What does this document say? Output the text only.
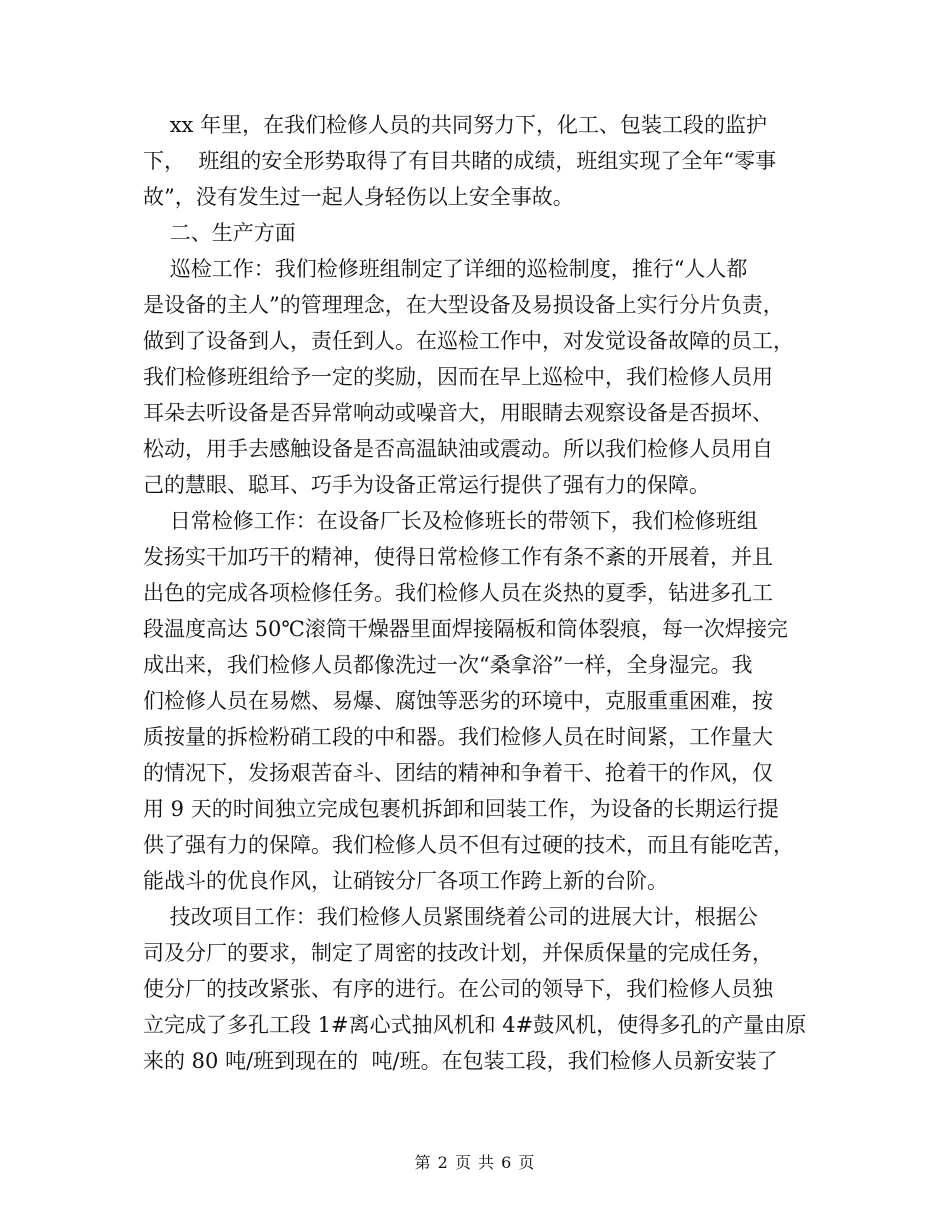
xx 年里，在我们检修人员的共同努力下，化工、包装工段的监护
下，  班组的安全形势取得了有目共睹的成绩，班组实现了全年“零事
故”，没有发生过一起人身轻伤以上安全事故。
二、生产方面
巡检工作：我们检修班组制定了详细的巡检制度，推行“人人都
是设备的主人”的管理理念，在大型设备及易损设备上实行分片负责，
做到了设备到人，责任到人。在巡检工作中，对发觉设备故障的员工，
我们检修班组给予一定的奖励，因而在早上巡检中，我们检修人员用
耳朵去听设备是否异常响动或噪音大，用眼睛去观察设备是否损坏、
松动，用手去感触设备是否高温缺油或震动。所以我们检修人员用自
己的慧眼、聪耳、巧手为设备正常运行提供了强有力的保障。
日常检修工作：在设备厂长及检修班长的带领下，我们检修班组
发扬实干加巧干的精神，使得日常检修工作有条不紊的开展着，并且
出色的完成各项检修任务。我们检修人员在炎热的夏季，钻进多孔工
段温度高达 50℃滚筒干燥器里面焊接隔板和筒体裂痕，每一次焊接完
成出来，我们检修人员都像洗过一次“桑拿浴”一样，全身湿完。我
们检修人员在易燃、易爆、腐蚀等恶劣的环境中，克服重重困难，按
质按量的拆检粉硝工段的中和器。我们检修人员在时间紧，工作量大
的情况下，发扬艰苦奋斗、团结的精神和争着干、抢着干的作风，仅
用 9 天的时间独立完成包裹机拆卸和回装工作，为设备的长期运行提
供了强有力的保障。我们检修人员不但有过硬的技术，而且有能吃苦，
能战斗的优良作风，让硝铵分厂各项工作跨上新的台阶。
技改项目工作：我们检修人员紧围绕着公司的进展大计，根据公
司及分厂的要求，制定了周密的技改计划，并保质保量的完成任务，
使分厂的技改紧张、有序的进行。在公司的领导下，我们检修人员独
立完成了多孔工段 1#离心式抽风机和 4#鼓风机，使得多孔的产量由原
来的 80 吨/班到现在的  吨/班。在包装工段，我们检修人员新安装了
第 2 页 共 6 页
